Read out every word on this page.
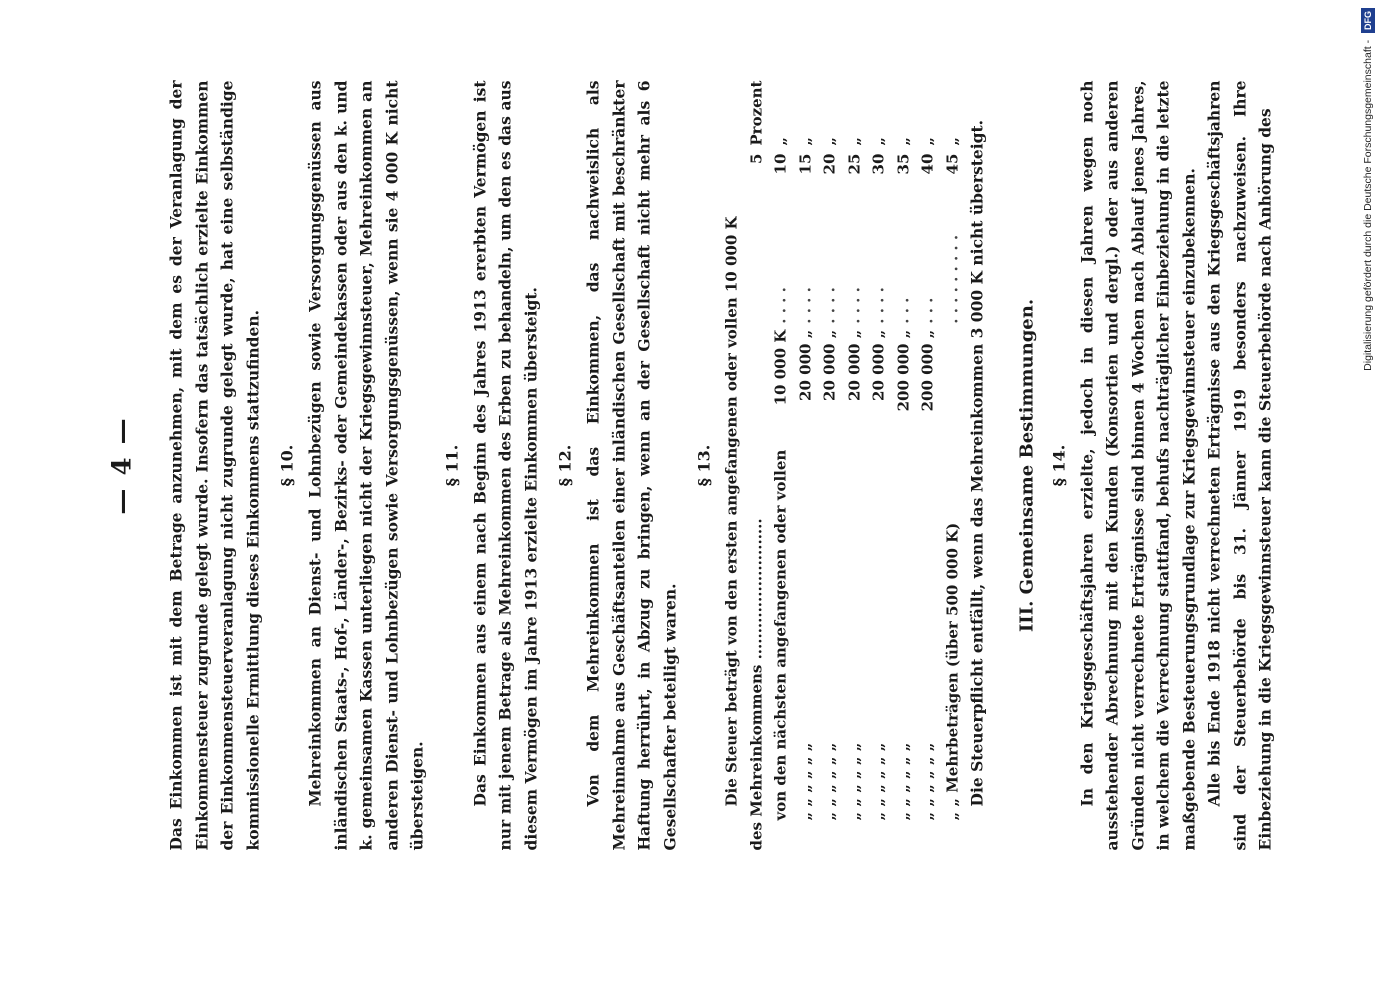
— 4 — Das Einkommen ist mit dem Betrage anzunehmen, mit dem es der Veranlagung der Einkommensteuer zugrunde gelegt wurde. Insofern das tatsächlich erzielte Einkommen der Einkommensteuerveranlagung nicht zugrunde gelegt wurde, hat eine selbständige kommissionelle Ermittlung dieses Einkommens stattzufinden. § 10. Mehreinkommen an Dienst- und Lohnbezügen sowie Versorgungsgenüssen aus inländischen Staats-, Hof-, Länder-, Bezirks- oder Gemeindekassen oder aus den k. und k. gemeinsamen Kassen unterliegen nicht der Kriegsgewinnsteuer, Mehreinkommen an anderen Dienst- und Lohnbezügen sowie Versorgungsgenüssen, wenn sie 4 000 K nicht übersteigen.

§ 11. Das Einkommen aus einem nach Beginn des Jahres 1913 ererbten Vermögen ist nur mit jenem Betrage als Mehreinkommen des Erben zu behandeln, um den es das aus diesem Vermögen im Jahre 1913 erzielte Einkommen übersteigt. § 12. Von dem Mehreinkommen ist das Einkommen, das nachweislich als Mehreinnahme aus Geschäftsanteilen einer inländischen Gesellschaft mit beschränkter Haftung herrührt, in Abzug zu bringen, wenn an der Gesellschaft nicht mehr als 6 Gesellschafter beteiligt waren.

§ 13. Die Steuer beträgt von den ersten angefangenen oder vollen 10 000 K des Mehreinkommens ...........................			5	Prozent
von den nächsten angefangenen oder vollen	10 000 K	. . . .	10	„
„ „ „ „ „ „	20 000 „	. . . .	15	„
„ „ „ „ „ „	20 000 „	. . . .	20	„
„ „ „ „ „ „	20 000 „	. . . .	25	„
„ „ „ „ „ „	20 000 „	. . . .	30	„
„ „ „ „ „ „	200 000 „	. . .	35	„
„ „ „ „ „ „	200 000 „	. . .	40	„
„ „ Mehrbeträgen (über 500 000 K)		. . . . . . . . .	45	„ Die Steuerpflicht entfällt, wenn das Mehreinkommen 3 000 K nicht übersteigt. III. Gemeinsame Bestimmungen. § 14. In den Kriegsgeschäftsjahren erzielte, jedoch in diesen Jahren wegen noch ausstehender Abrechnung mit den Kunden (Konsortien und dergl.) oder aus anderen Gründen nicht verrechnete Erträgnisse sind binnen 4 Wochen nach Ablauf jenes Jahres, in welchem die Verrechnung stattfand, behufs nachträglicher Einbeziehung in die letzte maßgebende Besteuerungsgrundlage zur Kriegsgewinnsteuer einzubekennen. Alle bis Ende 1918 nicht verrechneten Erträgnisse aus den Kriegsgeschäftsjahren sind der Steuerbehörde bis 31. Jänner 1919 besonders nachzuweisen. Ihre Einbeziehung in die Kriegsgewinnsteuer kann die Steuerbehörde nach Anhörung des	Digitalisierung gefördert durch die Deutsche Forschungsgemeinschaft - DFG
